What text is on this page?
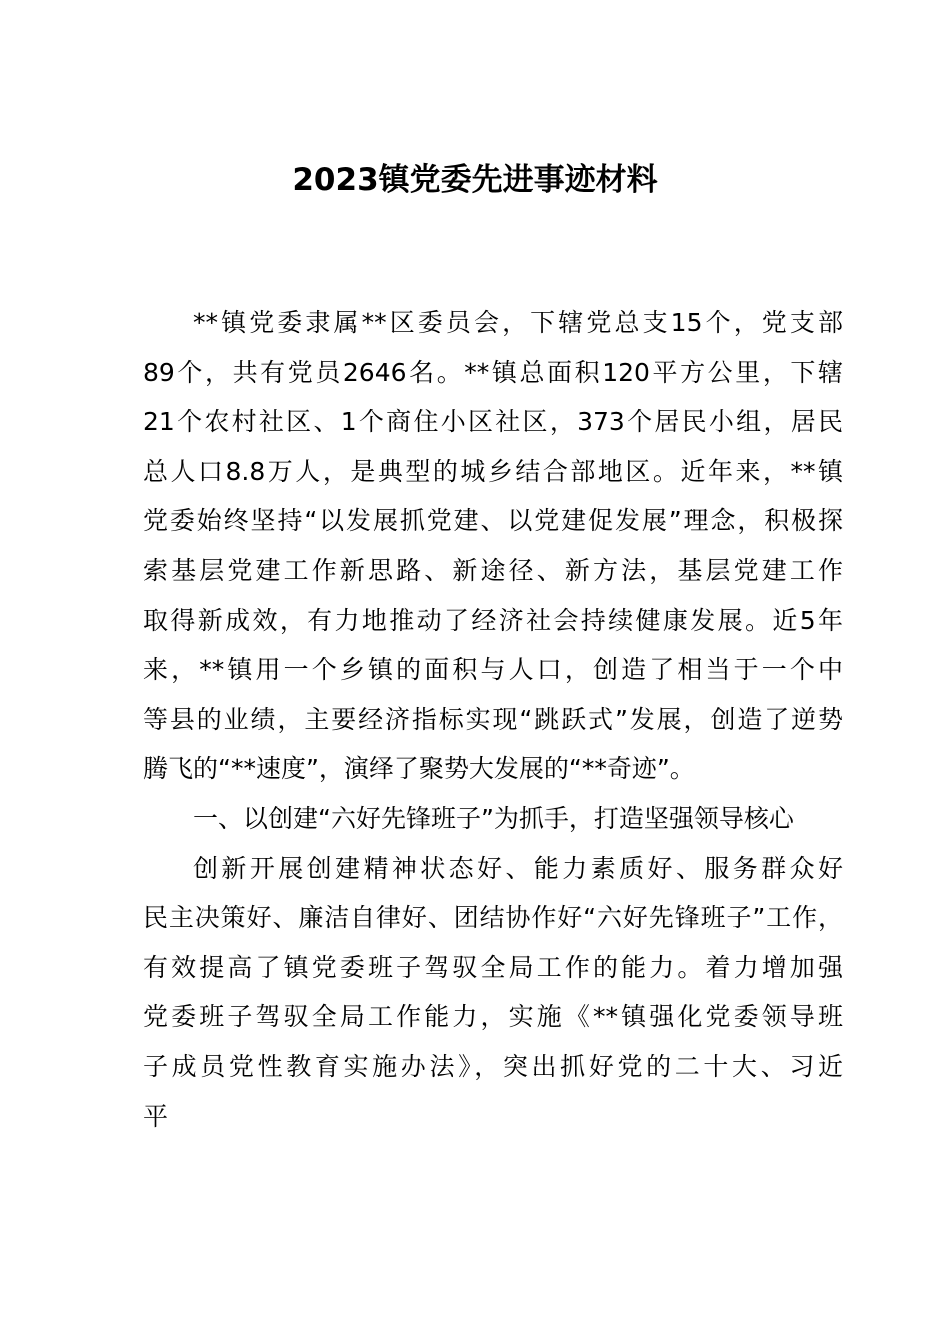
2023镇党委先进事迹材料
**镇党委隶属**区委员会，下辖党总支15个，党支部
89个，共有党员2646名。**镇总面积120平方公里，下辖
21个农村社区、1个商住小区社区，373个居民小组，居民
总人口8.8万人，是典型的城乡结合部地区。近年来，**镇
党委始终坚持“以发展抓党建、以党建促发展”理念，积极探
索基层党建工作新思路、新途径、新方法，基层党建工作
取得新成效，有力地推动了经济社会持续健康发展。近5年
来，**镇用一个乡镇的面积与人口，创造了相当于一个中
等县的业绩，主要经济指标实现“跳跃式”发展，创造了逆势
腾飞的“**速度”，演绎了聚势大发展的“**奇迹”。
一、以创建“六好先锋班子”为抓手，打造坚强领导核心
创新开展创建精神状态好、能力素质好、服务群众好
民主决策好、廉洁自律好、团结协作好“六好先锋班子”工作，
有效提高了镇党委班子驾驭全局工作的能力。着力增加强
党委班子驾驭全局工作能力，实施《**镇强化党委领导班
子成员党性教育实施办法》，突出抓好党的二十大、习近
平
